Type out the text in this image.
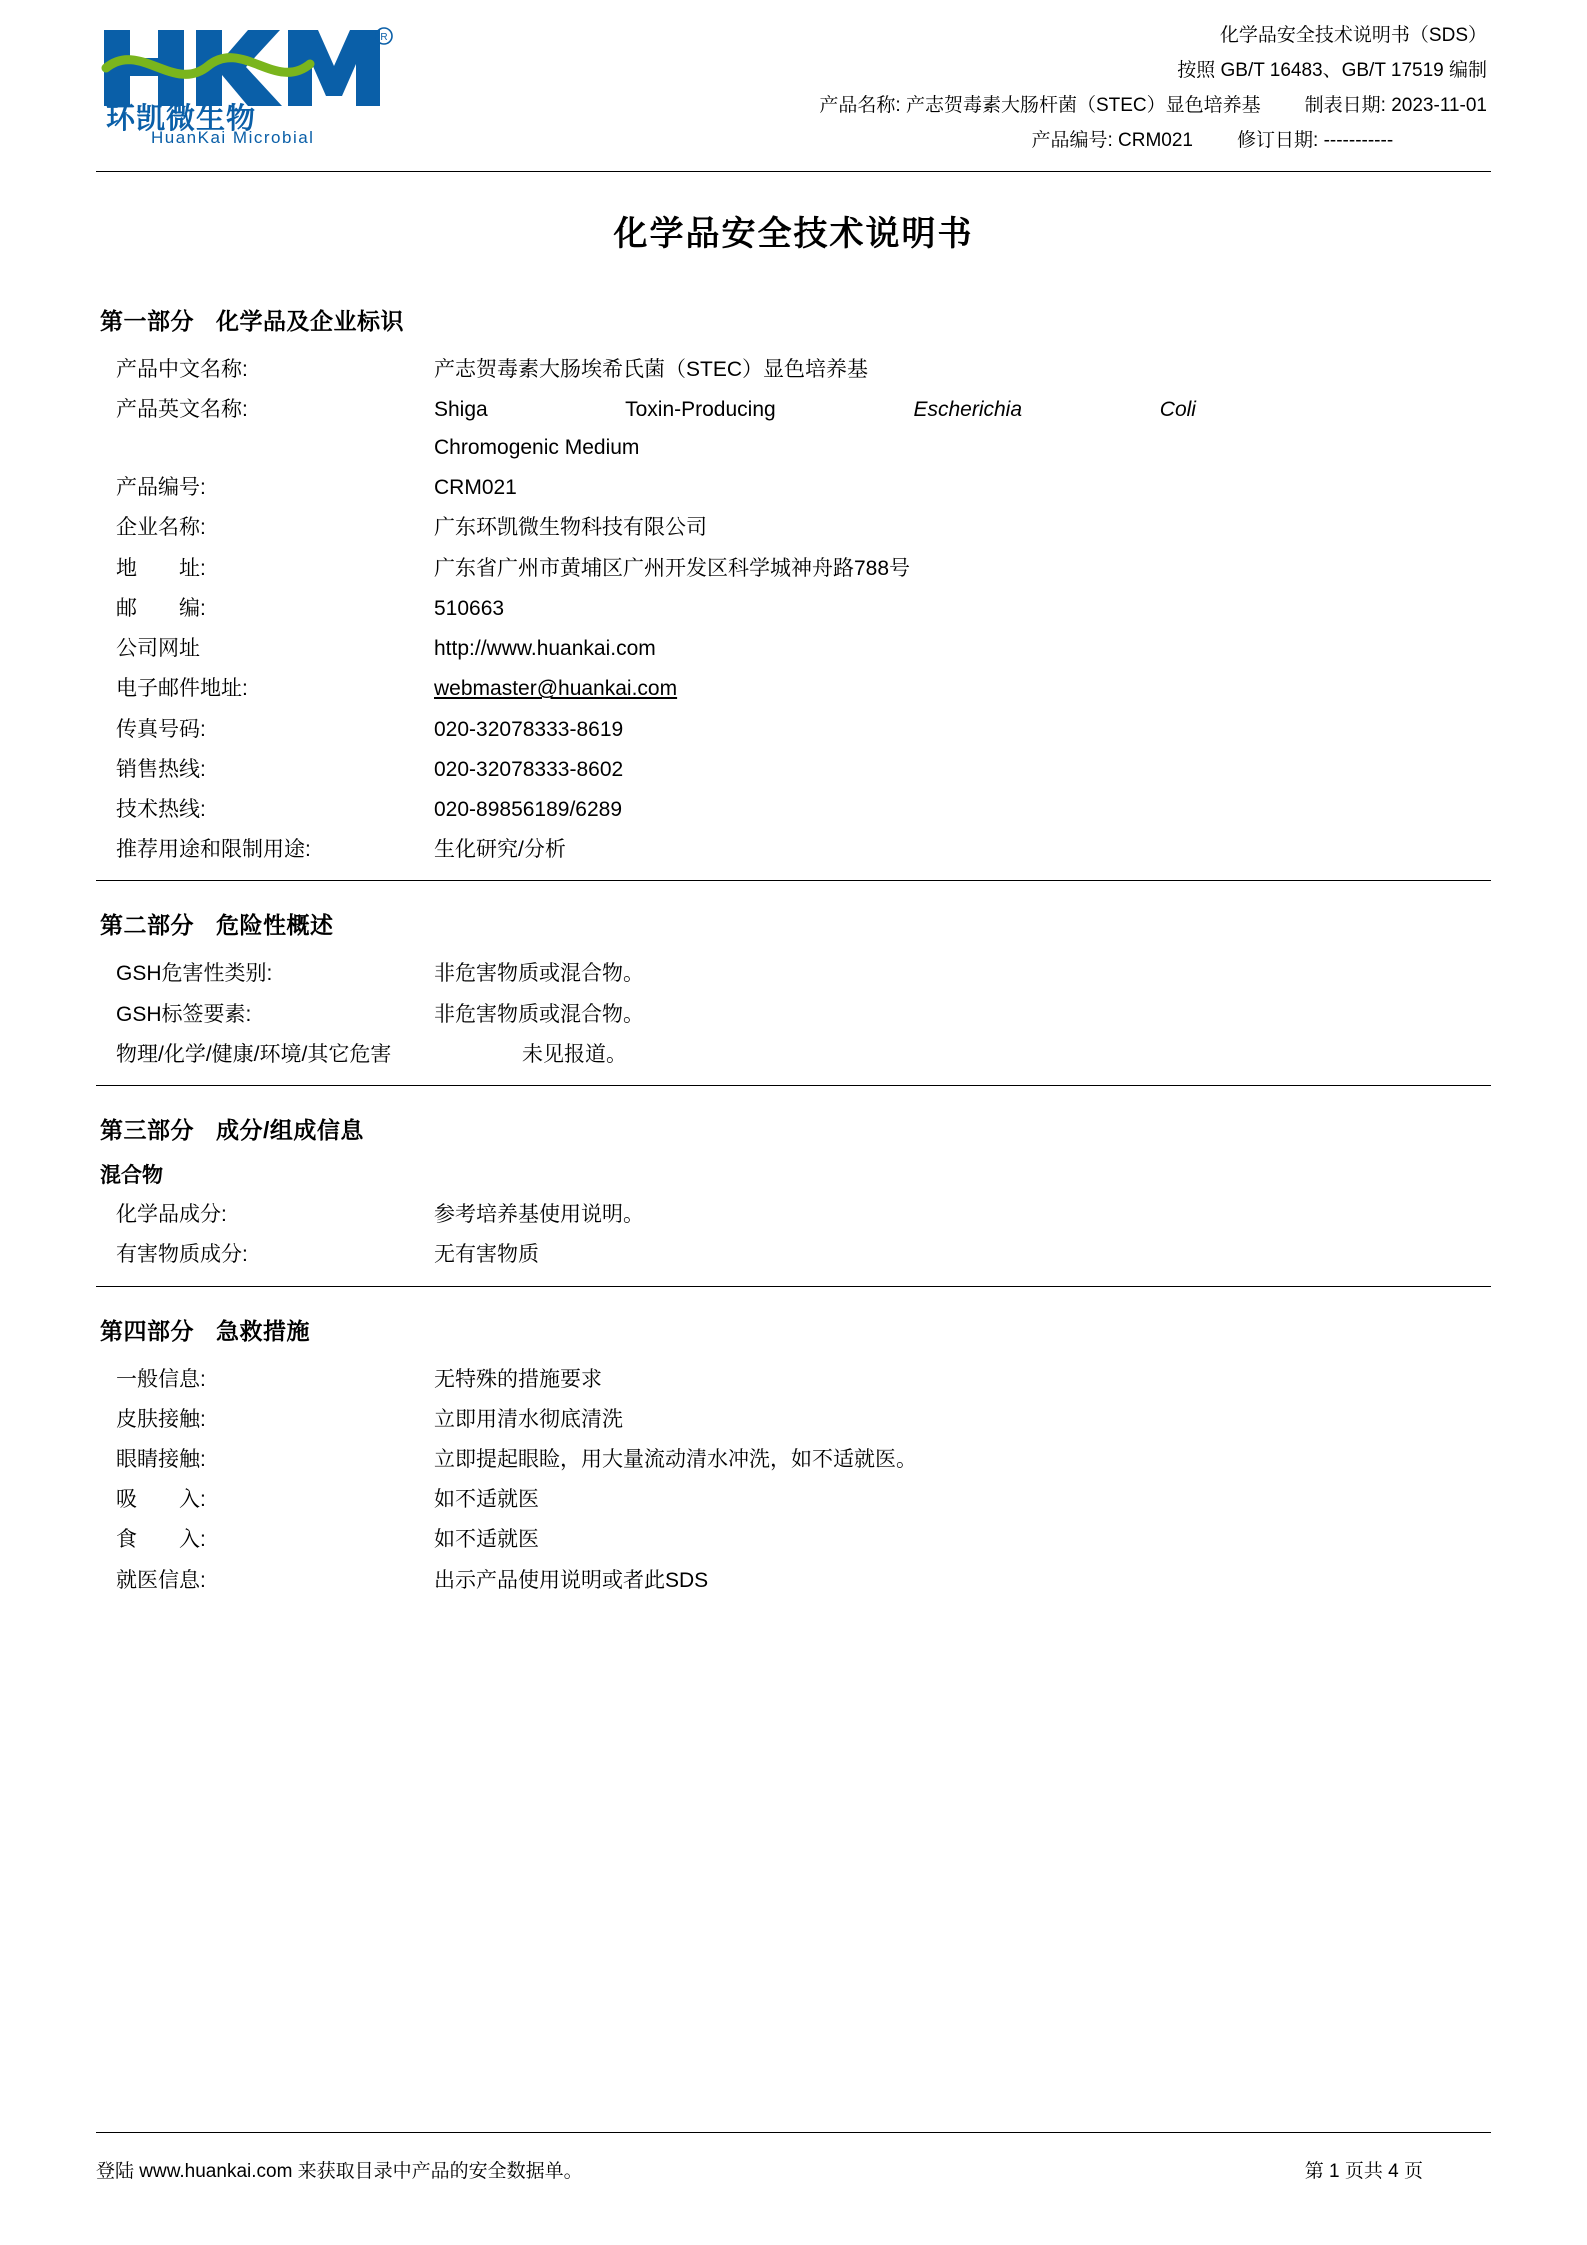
R
环凯微生物
HuanKai Microbial
化学品安全技术说明书（SDS）
按照 GB/T 16483、GB/T 17519 编制
产品名称: 产志贺毒素大肠杆菌（STEC）显色培养基 制表日期: 2023-11-01
产品编号: CRM021 修订日期: -----------
化学品安全技术说明书
第一部分 化学品及企业标识
产品中文名称:	产志贺毒素大肠埃希氏菌（STEC）显色培养基
产品英文名称:	Shiga	Toxin-Producing	Escherichia	Coli
Chromogenic Medium
产品编号:	CRM021
企业名称:	广东环凯微生物科技有限公司
地　　址:	广东省广州市黄埔区广州开发区科学城神舟路788号
邮　　编:	510663
公司网址	http://www.huankai.com
电子邮件地址:	webmaster@huankai.com
传真号码:	020-32078333-8619
销售热线:	020-32078333-8602
技术热线:	020-89856189/6289
推荐用途和限制用途:	生化研究/分析
第二部分 危险性概述
GSH危害性类别:	非危害物质或混合物。
GSH标签要素:	非危害物质或混合物。
物理/化学/健康/环境/其它危害	未见报道。
第三部分 成分/组成信息
混合物
化学品成分:	参考培养基使用说明。
有害物质成分:	无有害物质
第四部分 急救措施
一般信息:	无特殊的措施要求
皮肤接触:	立即用清水彻底清洗
眼睛接触:	立即提起眼睑，用大量流动清水冲洗，如不适就医。
吸　　入:	如不适就医
食　　入:	如不适就医
就医信息:	出示产品使用说明或者此SDS
登陆 www.huankai.com 来获取目录中产品的安全数据单。	第 1 页共 4 页
